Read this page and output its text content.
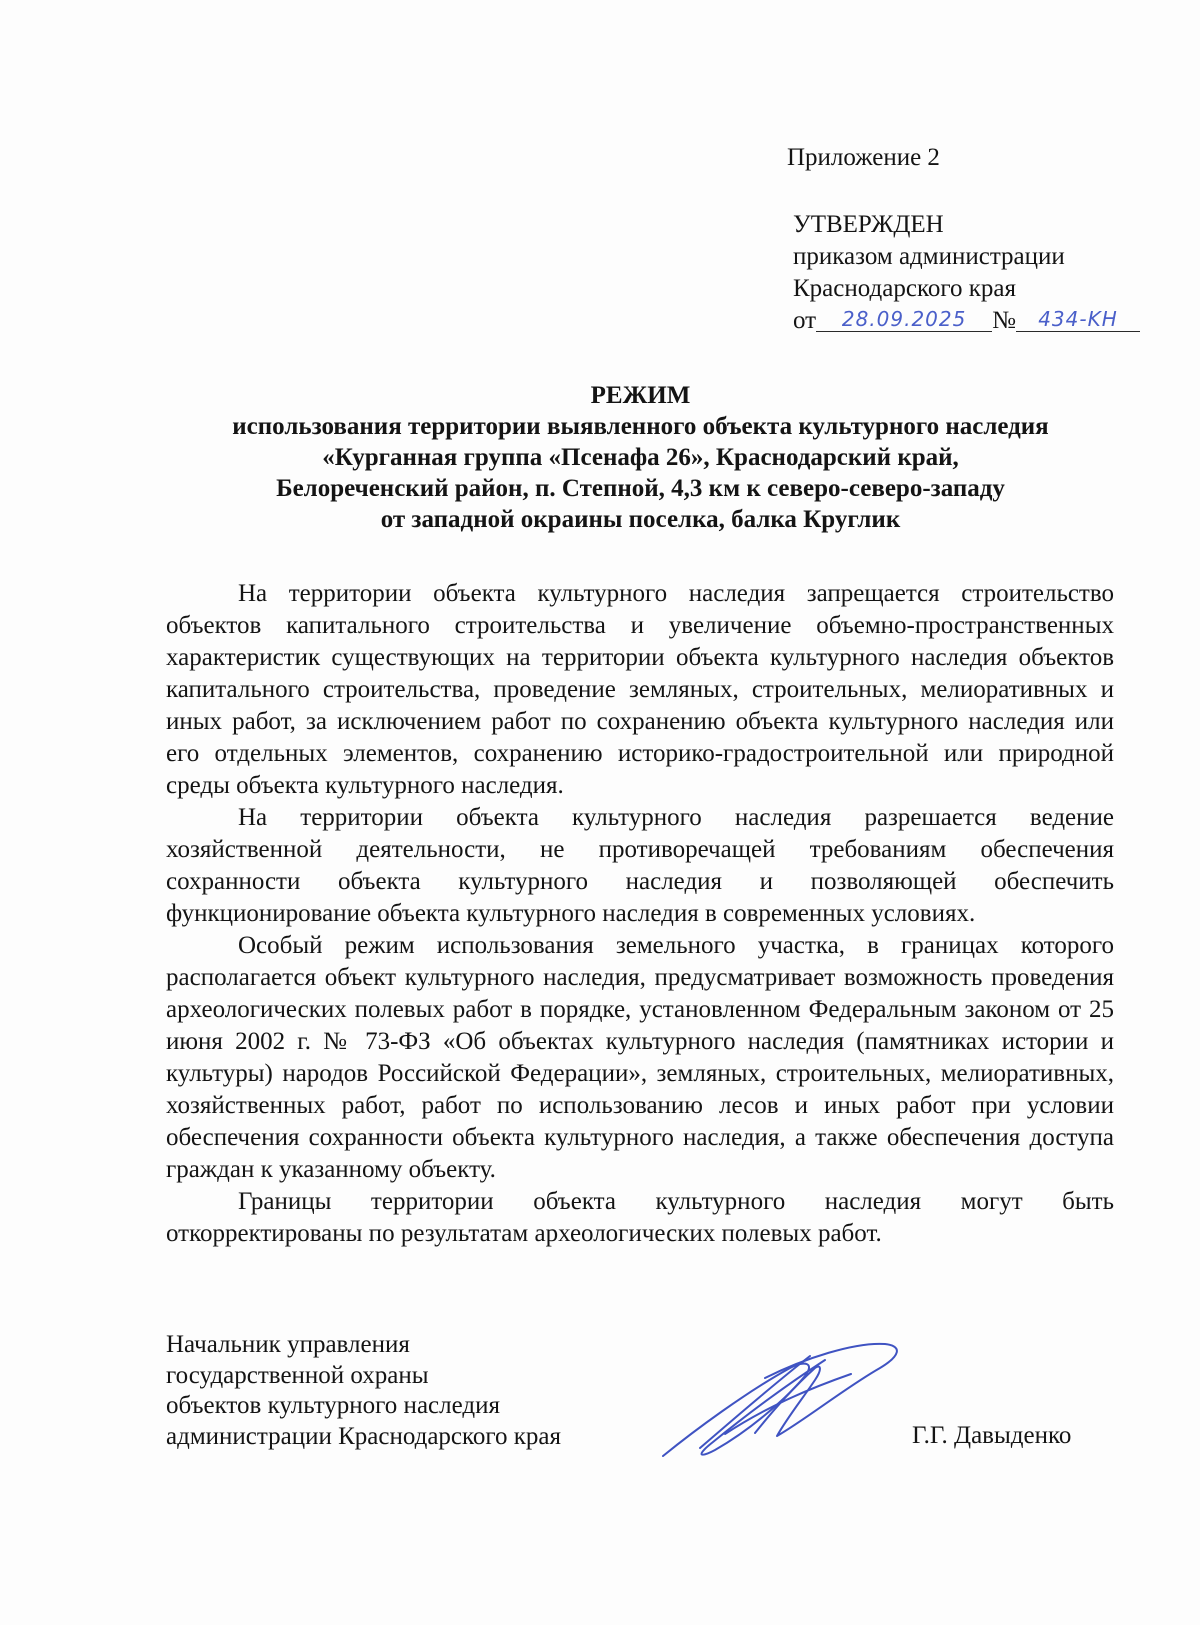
Приложение 2
УТВЕРЖДЕН
приказом администрации
Краснодарского края
от 28.09.2025 № 434-KH
РЕЖИМ
использования территории выявленного объекта культурного наследия
«Курганная группа «Псенафа 26», Краснодарский край,
Белореченский район, п. Степной, 4,3 км к северо-северо-западу
от западной окраины поселка, балка Круглик

На территории объекта культурного наследия запрещается строительство объектов капитального строительства и увеличение объемно-пространственных характеристик существующих на территории объекта культурного наследия объектов капитального строительства, проведение земляных, строительных, мелиоративных и иных работ, за исключением работ по сохранению объекта культурного наследия или его отдельных элементов, сохранению историко-градостроительной или природной среды объекта культурного наследия.

На территории объекта культурного наследия разрешается ведение хозяйственной деятельности, не противоречащей требованиям обеспечения сохранности объекта культурного наследия и позволяющей обеспечить функционирование объекта культурного наследия в современных условиях.

Особый режим использования земельного участка, в границах которого располагается объект культурного наследия, предусматривает возможность проведения археологических полевых работ в порядке, установленном Федеральным законом от 25 июня 2002 г. № 73-ФЗ «Об объектах культурного наследия (памятниках истории и культуры) народов Российской Федерации», земляных, строительных, мелиоративных, хозяйственных работ, работ по использованию лесов и иных работ при условии обеспечения сохранности объекта культурного наследия, а также обеспечения доступа граждан к указанному объекту.

Границы территории объекта культурного наследия могут быть откорректированы по результатам археологических полевых работ.

Начальник управления
государственной охраны
объектов культурного наследия
администрации Краснодарского края	Г.Г. Давыденко
